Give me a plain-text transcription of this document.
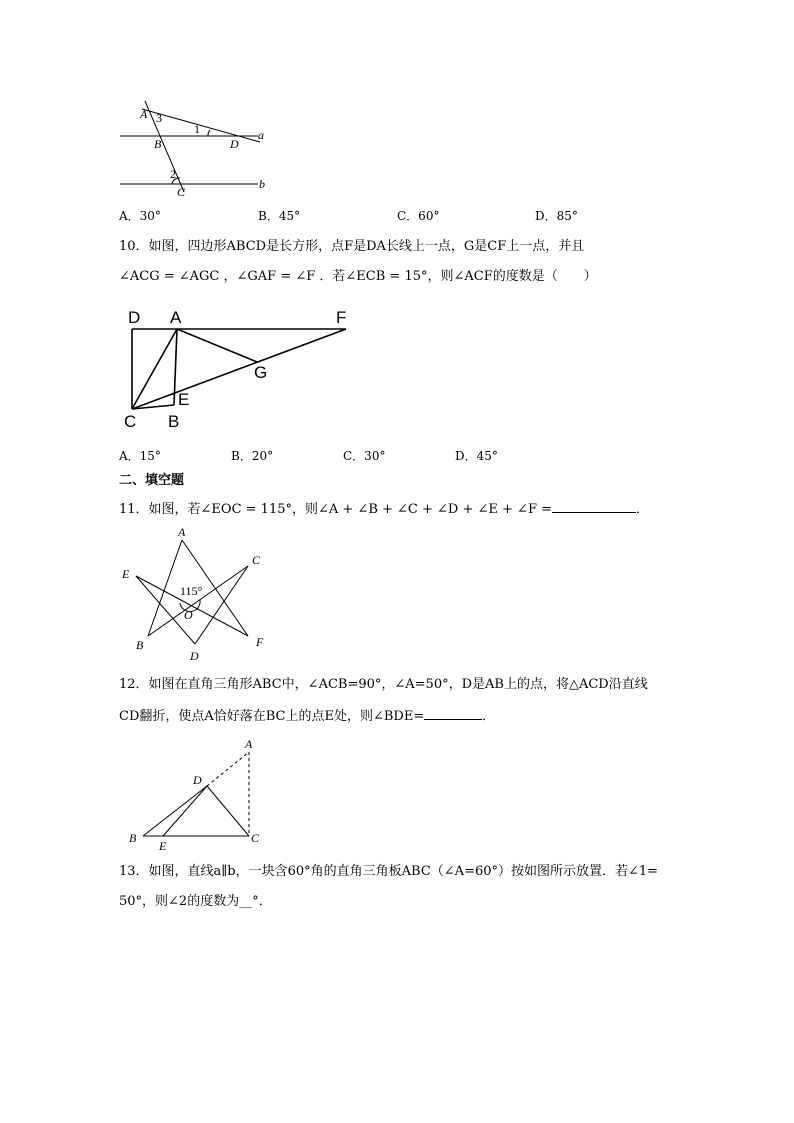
A 3
1
B	D
a
2
C
b
A．30°	B．45°	C．60°	D．85°
10．如图，四边形ABCD是长方形，点F是DA长线上一点，G是CF上一点，并且
∠ACG = ∠AGC ，∠GAF = ∠F ．若∠ECB = 15°，则∠ACF的度数是（　　）
D A	F
G
E
C B
A．15°	B．20°	C．30°	D．45°
二、填空题
11．如图，若∠EOC = 115°，则∠A + ∠B + ∠C + ∠D + ∠E + ∠F =	．
A
C
E
115°
O
B	F
D
12．如图在直角三角形ABC中，∠ACB=90°，∠A=50°，D是AB上的点，将△ACD沿直线
CD翻折，使点A恰好落在BC上的点E处，则∠BDE=	．
A
D
B
E
C
13．如图，直线a∥b，一块含60°角的直角三角板ABC（∠A=60°）按如图所示放置．若∠1=
50°，则∠2的度数为__°．
